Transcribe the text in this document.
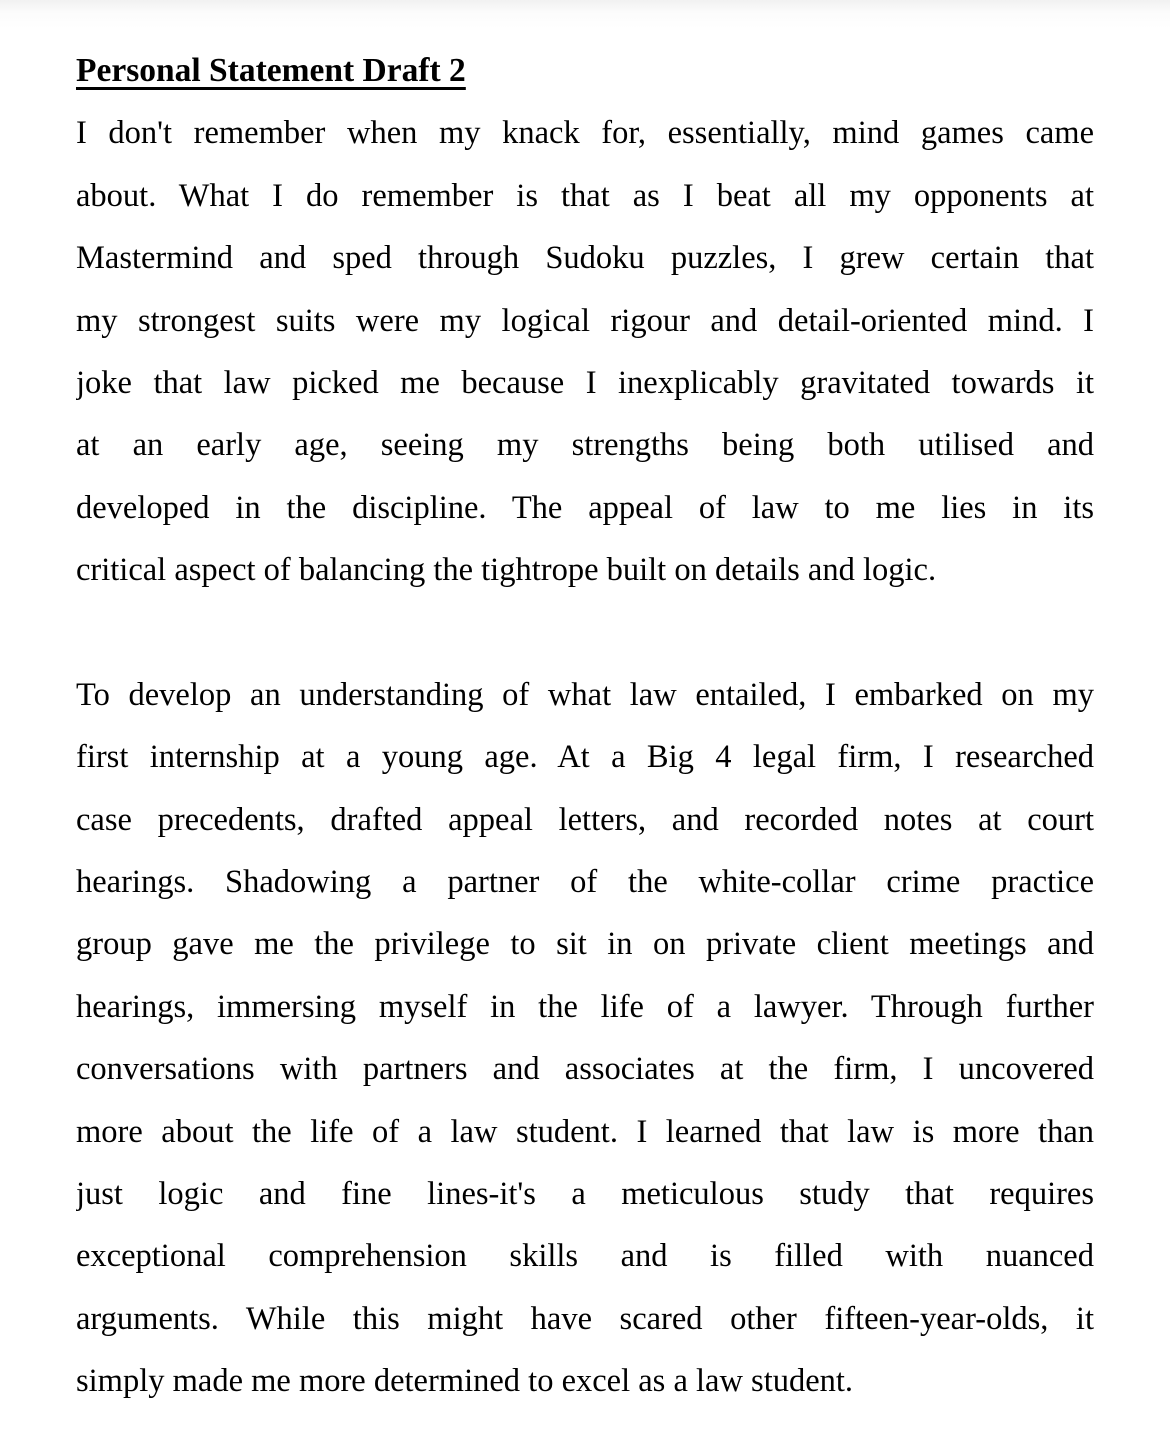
Personal Statement Draft 2
I don't remember when my knack for, essentially, mind games came
about. What I do remember is that as I beat all my opponents at
Mastermind and sped through Sudoku puzzles, I grew certain that
my strongest suits were my logical rigour and detail-oriented mind. I
joke that law picked me because I inexplicably gravitated towards it
at an early age, seeing my strengths being both utilised and
developed in the discipline. The appeal of law to me lies in its
critical aspect of balancing the tightrope built on details and logic.
To develop an understanding of what law entailed, I embarked on my
first internship at a young age. At a Big 4 legal firm, I researched
case precedents, drafted appeal letters, and recorded notes at court
hearings. Shadowing a partner of the white-collar crime practice
group gave me the privilege to sit in on private client meetings and
hearings, immersing myself in the life of a lawyer. Through further
conversations with partners and associates at the firm, I uncovered
more about the life of a law student. I learned that law is more than
just logic and fine lines-it's a meticulous study that requires
exceptional comprehension skills and is filled with nuanced
arguments. While this might have scared other fifteen-year-olds, it
simply made me more determined to excel as a law student.
